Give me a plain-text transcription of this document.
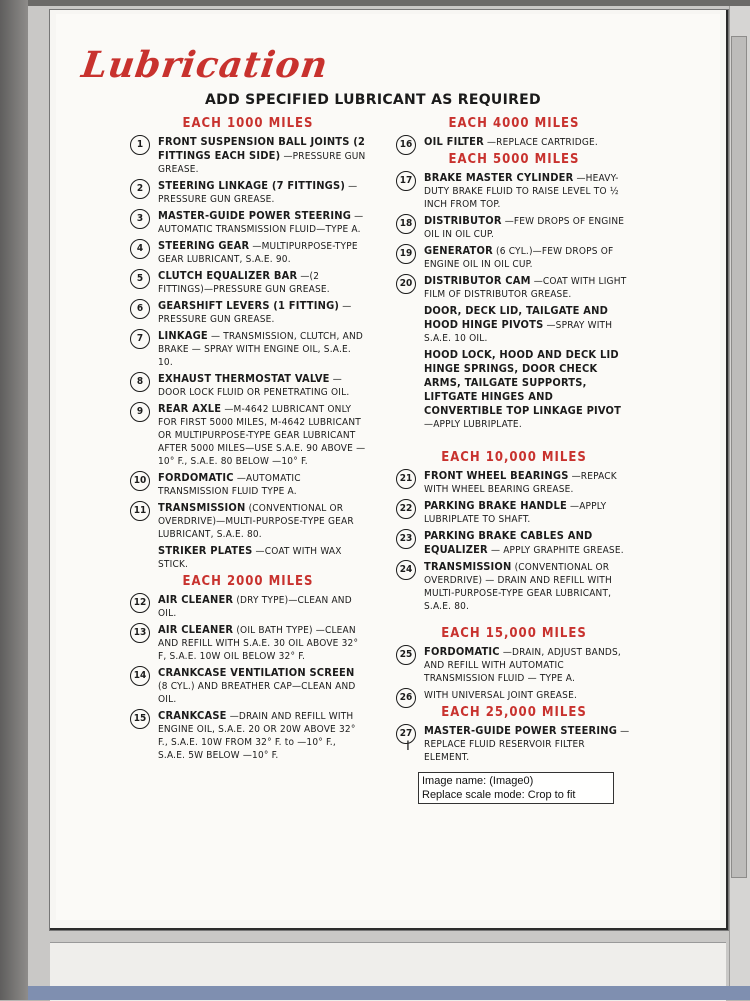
Lubrication
ADD SPECIFIED LUBRICANT AS REQUIRED
EACH 1000 MILES
1	FRONT SUSPENSION BALL JOINTS (2 FITTINGS EACH SIDE) —PRESSURE GUN GREASE.
2	STEERING LINKAGE (7 FITTINGS) —PRESSURE GUN GREASE.
3	MASTER-GUIDE POWER STEERING —AUTOMATIC TRANSMISSION FLUID—TYPE A.
4	STEERING GEAR —MULTIPURPOSE-TYPE GEAR LUBRICANT, S.A.E. 90.
5	CLUTCH EQUALIZER BAR —(2 FITTINGS)—PRESSURE GUN GREASE.
6	GEARSHIFT LEVERS (1 FITTING) —PRESSURE GUN GREASE.
7	LINKAGE — TRANSMISSION, CLUTCH, AND BRAKE — SPRAY WITH ENGINE OIL, S.A.E. 10.
8	EXHAUST THERMOSTAT VALVE —DOOR LOCK FLUID OR PENETRATING OIL.
9	REAR AXLE —M-4642 LUBRICANT ONLY FOR FIRST 5000 MILES, M-4642 LUBRICANT OR MULTIPURPOSE-TYPE GEAR LUBRICANT AFTER 5000 MILES—USE S.A.E. 90 ABOVE —10° F., S.A.E. 80 BELOW —10° F.
10	FORDOMATIC —AUTOMATIC TRANSMISSION FLUID TYPE A.
11	TRANSMISSION (CONVENTIONAL OR OVERDRIVE)—MULTI-PURPOSE-TYPE GEAR LUBRICANT, S.A.E. 80.
STRIKER PLATES —COAT WITH WAX STICK.
EACH 2000 MILES
12	AIR CLEANER (DRY TYPE)—CLEAN AND OIL.
13	AIR CLEANER (OIL BATH TYPE) —CLEAN AND REFILL WITH S.A.E. 30 OIL ABOVE 32° F, S.A.E. 10W OIL BELOW 32° F.
14	CRANKCASE VENTILATION SCREEN (8 CYL.) AND BREATHER CAP—CLEAN AND OIL.
15	CRANKCASE —DRAIN AND REFILL WITH ENGINE OIL, S.A.E. 20 OR 20W ABOVE 32° F., S.A.E. 10W FROM 32° F. to —10° F., S.A.E. 5W BELOW —10° F.
EACH 4000 MILES
16	OIL FILTER —REPLACE CARTRIDGE.
EACH 5000 MILES
17	BRAKE MASTER CYLINDER —HEAVY-DUTY BRAKE FLUID TO RAISE LEVEL TO ½ INCH FROM TOP.
18	DISTRIBUTOR —FEW DROPS OF ENGINE OIL IN OIL CUP.
19	GENERATOR (6 CYL.)—FEW DROPS OF ENGINE OIL IN OIL CUP.
20	DISTRIBUTOR CAM —COAT WITH LIGHT FILM OF DISTRIBUTOR GREASE.
DOOR, DECK LID, TAILGATE AND HOOD HINGE PIVOTS —SPRAY WITH S.A.E. 10 OIL.
HOOD LOCK, HOOD AND DECK LID HINGE SPRINGS, DOOR CHECK ARMS, TAILGATE SUPPORTS, LIFTGATE HINGES AND CONVERTIBLE TOP LINKAGE PIVOT —APPLY LUBRIPLATE.
EACH 10,000 MILES
21	FRONT WHEEL BEARINGS —REPACK WITH WHEEL BEARING GREASE.
22	PARKING BRAKE HANDLE —APPLY LUBRIPLATE TO SHAFT.
23	PARKING BRAKE CABLES AND EQUALIZER — APPLY GRAPHITE GREASE.
24	TRANSMISSION (CONVENTIONAL OR OVERDRIVE) — DRAIN AND REFILL WITH MULTI-PURPOSE-TYPE GEAR LUBRICANT, S.A.E. 80.
EACH 15,000 MILES
25	FORDOMATIC —DRAIN, ADJUST BANDS, AND REFILL WITH AUTOMATIC TRANSMISSION FLUID — TYPE A.
26	WITH UNIVERSAL JOINT GREASE.
EACH 25,000 MILES
27	MASTER-GUIDE POWER STEERING —REPLACE FLUID RESERVOIR FILTER ELEMENT.
I
Image name: (Image0)
Replace scale mode: Crop to fit
